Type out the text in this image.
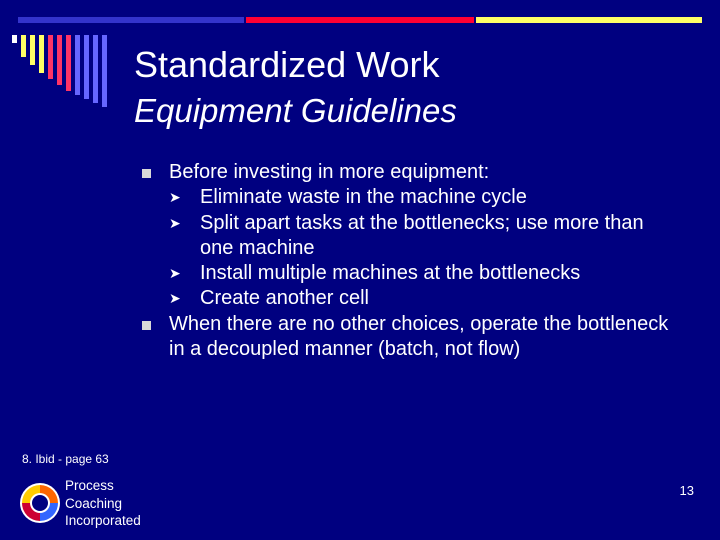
Standardized Work
Equipment Guidelines
Before investing in more equipment:
➤ Eliminate waste in the machine cycle
➤ Split apart tasks at the bottlenecks; use more than one machine
➤ Install multiple machines at the bottlenecks
➤ Create another cell
When there are no other choices, operate the bottleneck in a decoupled manner (batch, not flow)
8. Ibid - page 63
Process
Coaching
Incorporated
13
